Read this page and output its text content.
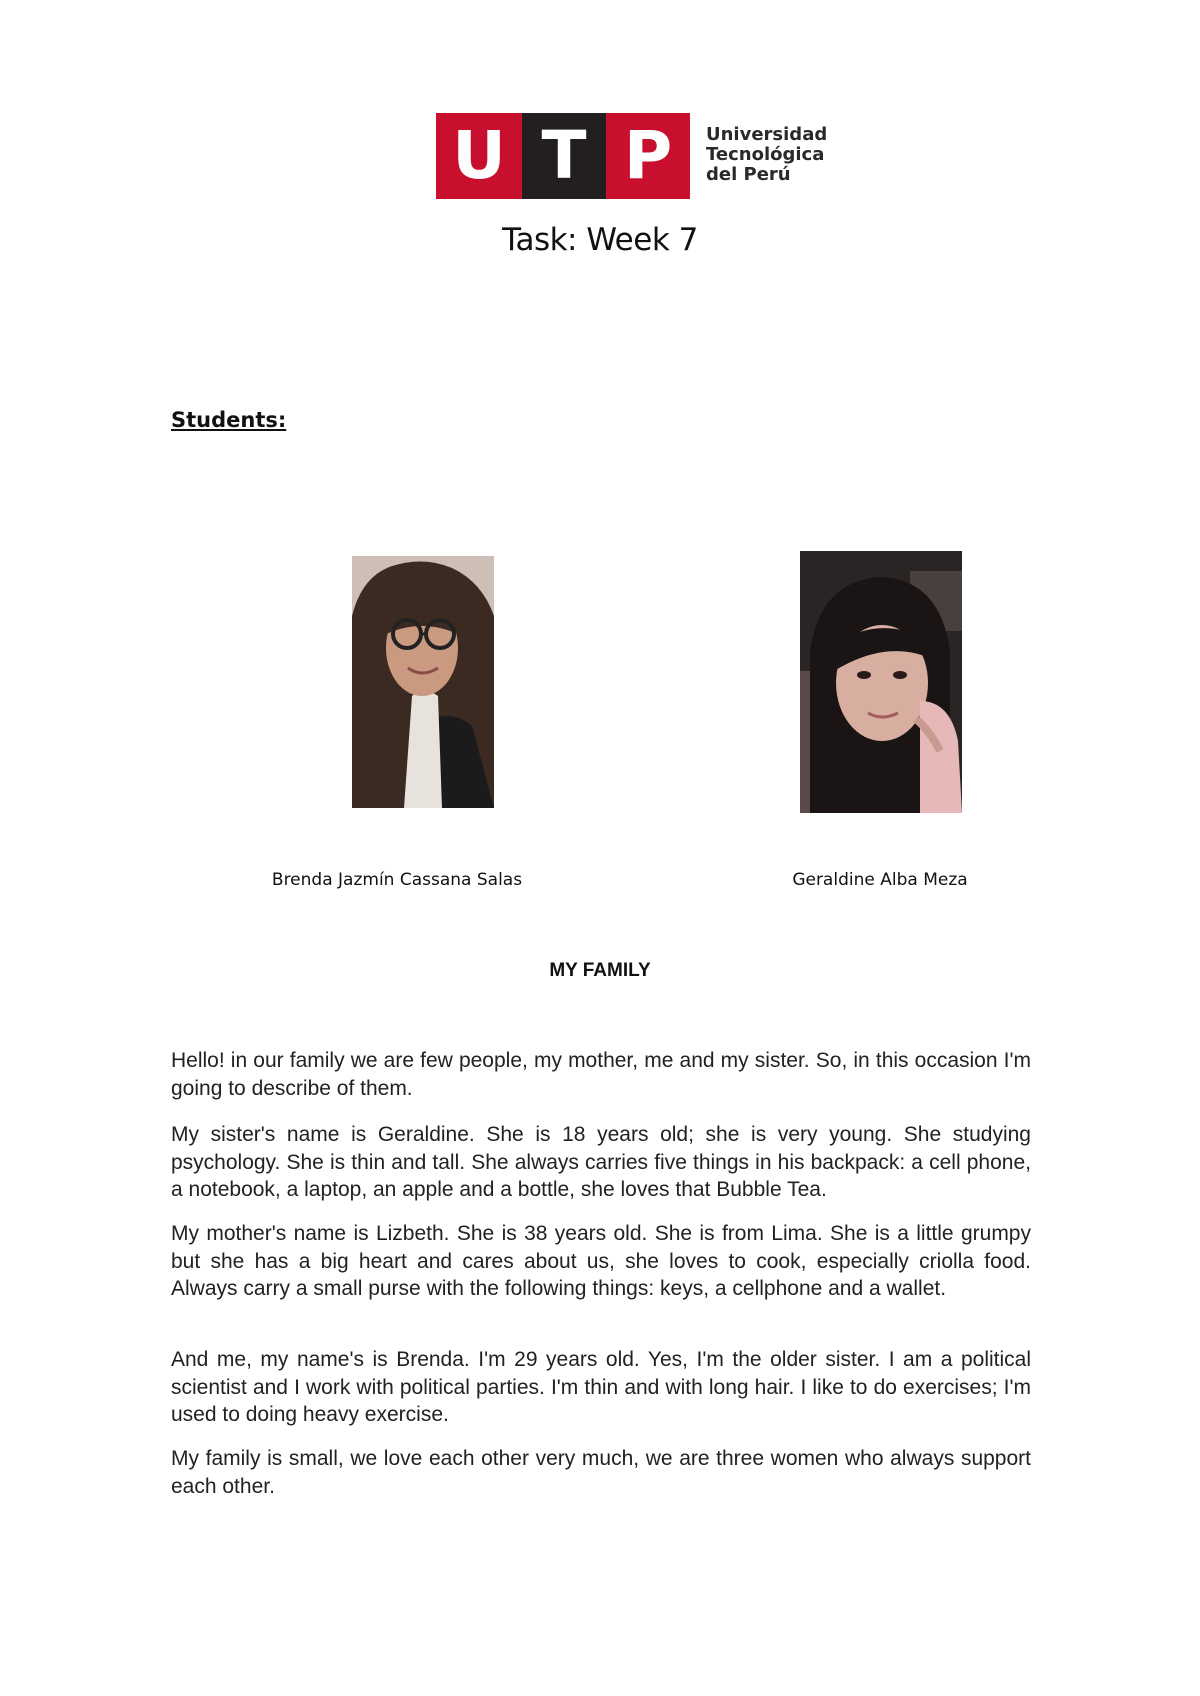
U T P	Universidad
Tecnológica
del Perú
Task: Week 7
Students:
Brenda Jazmín Cassana Salas	Geraldine Alba Meza
MY FAMILY
Hello! in our family we are few people, my mother, me and my sister. So, in this occasion I'm going to describe of them.
My sister's name is Geraldine. She is 18 years old; she is very young. She studying psychology. She is thin and tall. She always carries five things in his backpack: a cell phone, a notebook, a laptop, an apple and a bottle, she loves that Bubble Tea.
My mother's name is Lizbeth. She is 38 years old. She is from Lima. She is a little grumpy but she has a big heart and cares about us, she loves to cook, especially criolla food. Always carry a small purse with the following things: keys, a cellphone and a wallet.
And me, my name's is Brenda. I'm 29 years old. Yes, I'm the older sister. I am a political scientist and I work with political parties. I'm thin and with long hair. I like to do exercises; I'm used to doing heavy exercise.
My family is small, we love each other very much, we are three women who always support each other.
